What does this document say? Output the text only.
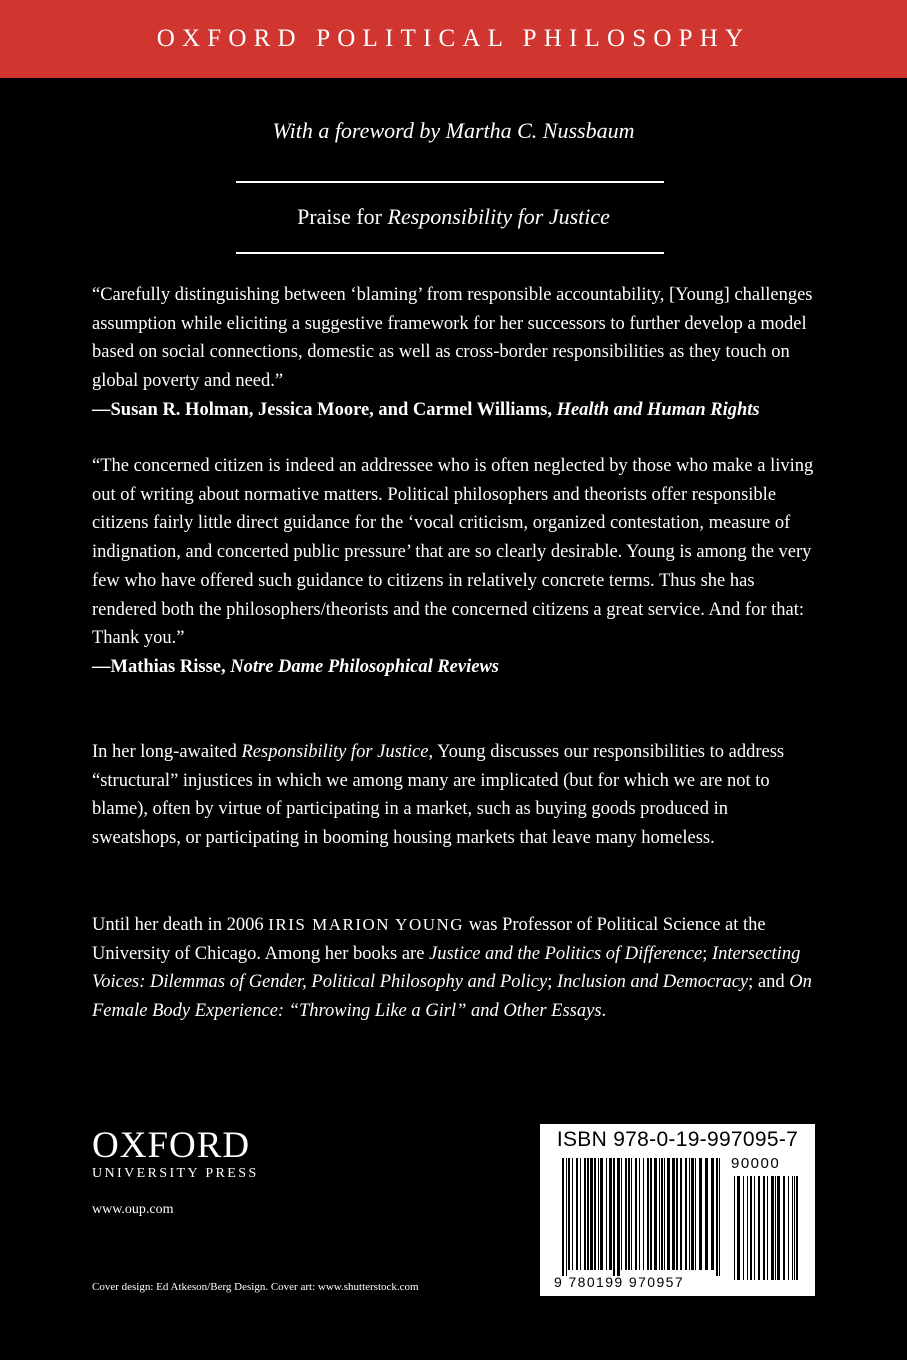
OXFORD POLITICAL PHILOSOPHY
With a foreword by Martha C. Nussbaum
Praise for Responsibility for Justice
“Carefully distinguishing between ‘blaming’ from responsible accountability, [Young] challenges assumption while eliciting a suggestive framework for her successors to further develop a model based on social connections, domestic as well as cross-border responsibilities as they touch on global poverty and need.”
—Susan R. Holman, Jessica Moore, and Carmel Williams, Health and Human Rights
“The concerned citizen is indeed an addressee who is often neglected by those who make a living out of writing about normative matters. Political philosophers and theorists offer responsible citizens fairly little direct guidance for the ‘vocal criticism, organized contestation, measure of indignation, and concerted public pressure’ that are so clearly desirable. Young is among the very few who have offered such guidance to citizens in relatively concrete terms. Thus she has rendered both the philosophers/theorists and the concerned citizens a great service. And for that: Thank you.”
—Mathias Risse, Notre Dame Philosophical Reviews
In her long-awaited Responsibility for Justice, Young discusses our responsibilities to address “structural” injustices in which we among many are implicated (but for which we are not to blame), often by virtue of participating in a market, such as buying goods produced in sweatshops, or participating in booming housing markets that leave many homeless.
Until her death in 2006 IRIS MARION YOUNG was Professor of Political Science at the University of Chicago. Among her books are Justice and the Politics of Difference; Intersecting Voices: Dilemmas of Gender, Political Philosophy and Policy; Inclusion and Democracy; and On Female Body Experience: “Throwing Like a Girl” and Other Essays.
OXFORD
UNIVERSITY PRESS
www.oup.com
Cover design: Ed Atkeson/Berg Design. Cover art: www.shutterstock.com
ISBN 978-0-19-997095-7
90000
9 780199 970957
